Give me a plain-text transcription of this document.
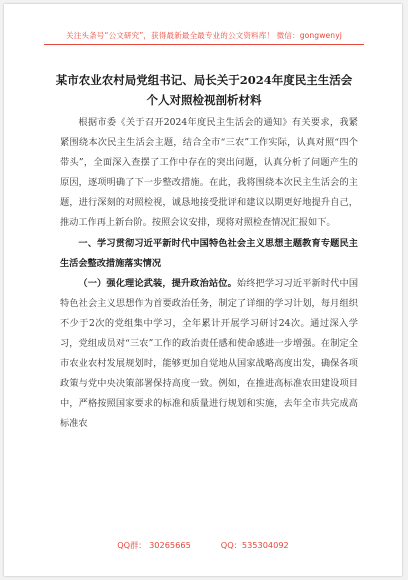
关注头条号“公文研究”，获得最新最全最专业的公文资料库！ 微信：gongwenyj
某市农业农村局党组书记、局长关于2024年度民主生活会
个人对照检视剖析材料

根据市委《关于召开2024年度民主生活会的通知》有关要求，我紧紧围绕本次民主生活会主题，结合全市“三农”工作实际，认真对照“四个带头”，全面深入查摆了工作中存在的突出问题，认真分析了问题产生的原因，逐项明确了下一步整改措施。在此，我将围绕本次民主生活会的主题，进行深刻的对照检视，诚恳地接受批评和建议以期更好地提升自己，推动工作再上新台阶。按照会议安排，现将对照检查情况汇报如下。

一、学习贯彻习近平新时代中国特色社会主义思想主题教育专题民主生活会整改措施落实情况

（一）强化理论武装，提升政治站位。始终把学习习近平新时代中国特色社会主义思想作为首要政治任务，制定了详细的学习计划，每月组织不少于2次的党组集中学习，全年累计开展学习研讨24次。通过深入学习，党组成员对“三农”工作的政治责任感和使命感进一步增强。在制定全市农业农村发展规划时，能够更加自觉地从国家战略高度出发，确保各项政策与党中央决策部署保持高度一致。例如，在推进高标准农田建设项目中，严格按照国家要求的标准和质量进行规划和实施，去年全市共完成高标准农

QQ群： 30265665	QQ：535304092
